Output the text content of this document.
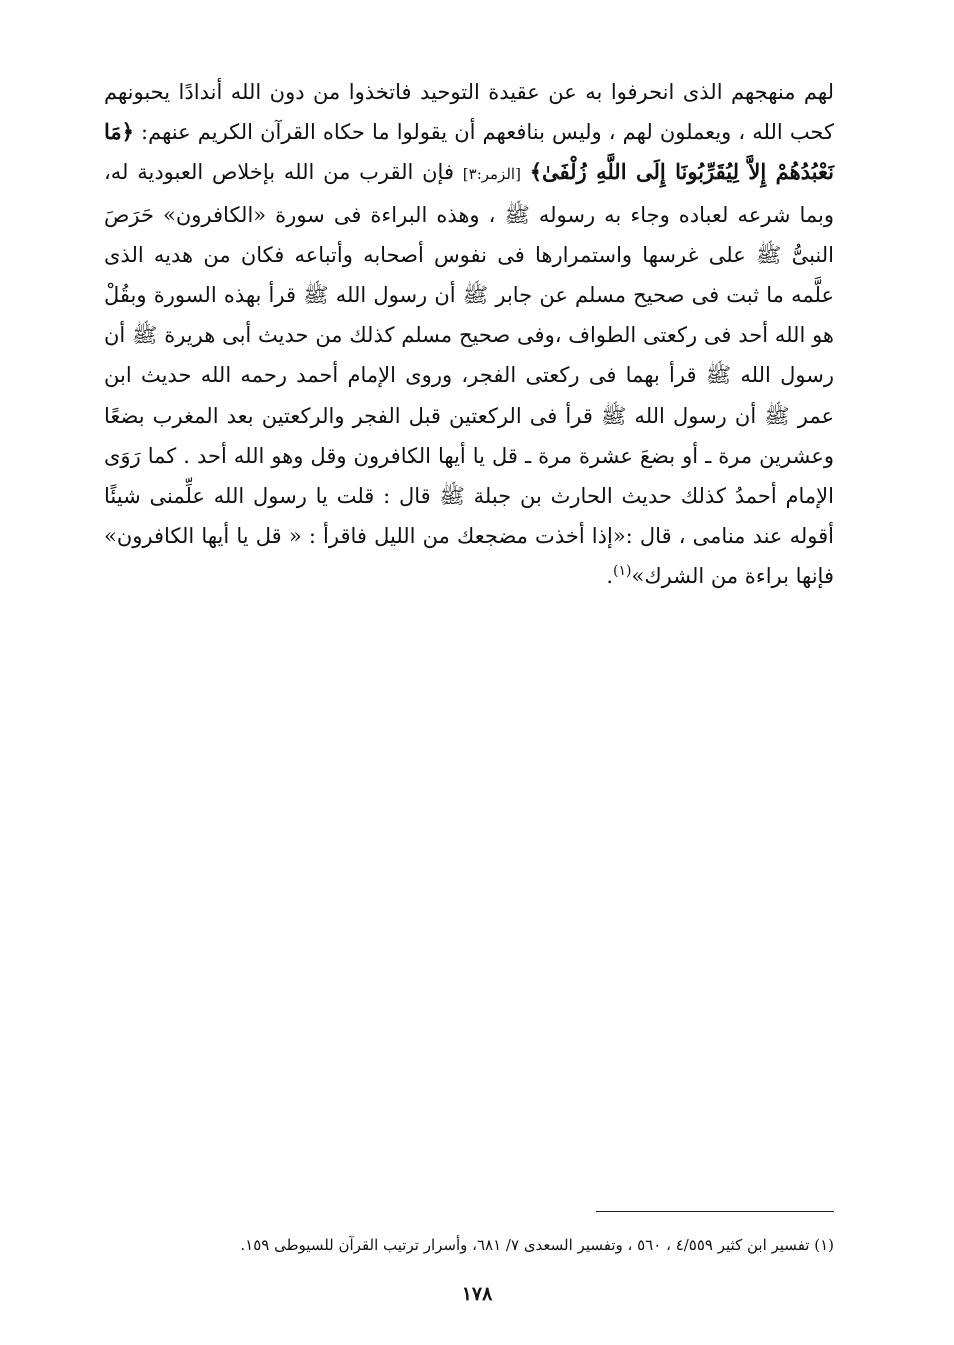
لهم منهجهم الذى انحرفوا به عن عقيدة التوحيد فاتخذوا من دون الله أندادًا يحبونهم كحب الله ، ويعملون لهم ، وليس بنافعهم أن يقولوا ما حكاه القرآن الكريم عنهم: ﴿مَا نَعْبُدُهُمْ إِلاَّ لِيُقَرِّبُونَا إِلَى اللَّهِ زُلْفَىٰ﴾ [الزمر:٣] فإن القرب من الله بإخلاص العبودية له، وبما شرعه لعباده وجاء به رسوله ﷺ ، وهذه البراءة فى سورة «الكافرون» حَرَصَ النبىُّ ﷺ على غرسها واستمرارها فى نفوس أصحابه وأتباعه فكان من هديه الذى علَّمه ما ثبت فى صحيح مسلم عن جابر ﷺ أن رسول الله ﷺ قرأ بهذه السورة وبقُلْ هو الله أحد فى ركعتى الطواف ،وفى صحيح مسلم كذلك من حديث أبى هريرة ﷺ أن رسول الله ﷺ قرأ بهما فى ركعتى الفجر، وروى الإمام أحمد رحمه الله حديث ابن عمر ﷺ أن رسول الله ﷺ قرأ فى الركعتين قبل الفجر والركعتين بعد المغرب بضعًا وعشرين مرة ـ أو بضعَ عشرة مرة ـ قل يا أيها الكافرون وقل وهو الله أحد . كما رَوَى الإمام أحمدُ كذلك حديث الحارث بن جبلة ﷺ قال : قلت يا رسول الله علِّمنى شيئًا أقوله عند منامى ، قال :«إذا أخذت مضجعك من الليل فاقرأ : « قل يا أيها الكافرون» فإنها براءة من الشرك»$^{(١)}$.

(١) تفسير ابن كثير ٤/٥٥٩ ، ٥٦٠ ، وتفسير السعدى ٧/ ٦٨١، وأسرار ترتيب القرآن للسيوطى ١٥٩.
١٧٨
